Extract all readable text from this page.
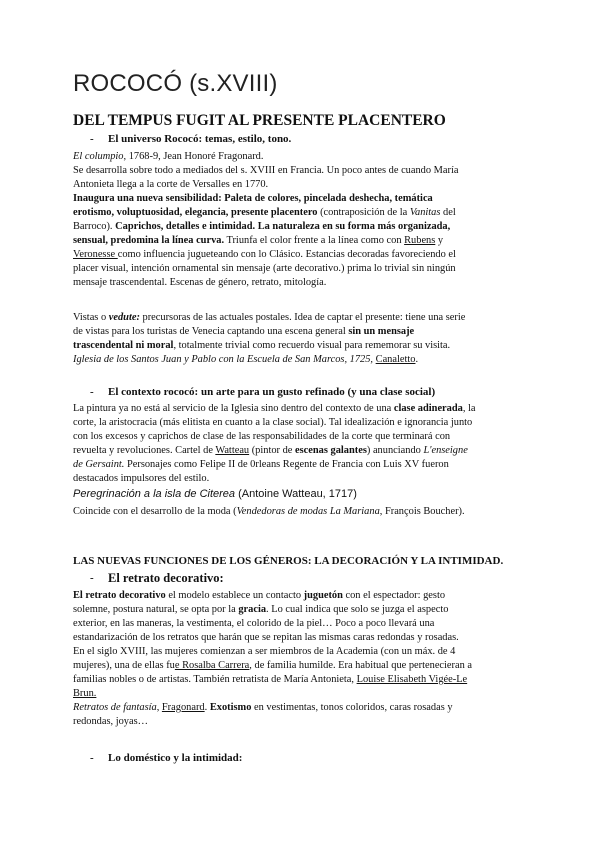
ROCOCÓ (s.XVIII)
DEL TEMPUS FUGIT AL PRESENTE PLACENTERO
- El universo Rococó: temas, estilo, tono.
El columpio, 1768-9, Jean Honoré Fragonard.
Se desarrolla sobre todo a mediados del s. XVIII en Francia. Un poco antes de cuando María
Antonieta llega a la corte de Versalles en 1770.
Inaugura una nueva sensibilidad: Paleta de colores, pincelada deshecha, temática
erotismo, voluptuosidad, elegancia, presente placentero (contraposición de la Vanitas del
Barroco). Caprichos, detalles e intimidad. La naturaleza en su forma más organizada,
sensual, predomina la línea curva. Triunfa el color frente a la línea como con Rubens y
Veronesse como influencia jugueteando con lo Clásico. Estancias decoradas favoreciendo el
placer visual, intención ornamental sin mensaje (arte decorativo.) prima lo trivial sin ningún
mensaje trascendental. Escenas de género, retrato, mitología.
Vistas o vedute: precursoras de las actuales postales. Idea de captar el presente: tiene una serie
de vistas para los turistas de Venecia captando una escena general sin un mensaje
trascendental ni moral, totalmente trivial como recuerdo visual para rememorar su visita.
Iglesia de los Santos Juan y Pablo con la Escuela de San Marcos, 1725, Canaletto.
- El contexto rococó: un arte para un gusto refinado (y una clase social)
La pintura ya no está al servicio de la Iglesia sino dentro del contexto de una clase adinerada, la
corte, la aristocracia (más elitista en cuanto a la clase social). Tal idealización e ignorancia junto
con los excesos y caprichos de clase de las responsabilidades de la corte que terminará con
revuelta y revoluciones. Cartel de Watteau (pintor de escenas galantes) anunciando L'enseigne
de Gersaint. Personajes como Felipe II de 0rleans Regente de Francia con Luis XV fueron
destacados impulsores del estilo.
Peregrinación a la isla de Citerea (Antoine Watteau, 1717)
Coincide con el desarrollo de la moda (Vendedoras de modas La Mariana, François Boucher).
LAS NUEVAS FUNCIONES DE LOS GÉNEROS: LA DECORACIÓN Y LA INTIMIDAD.
- El retrato decorativo:
El retrato decorativo el modelo establece un contacto juguetón con el espectador: gesto
solemne, postura natural, se opta por la gracia. Lo cual indica que solo se juzga el aspecto
exterior, en las maneras, la vestimenta, el colorido de la piel… Poco a poco llevará una
estandarización de los retratos que harán que se repitan las mismas caras redondas y rosadas.
En el siglo XVIII, las mujeres comienzan a ser miembros de la Academia (con un máx. de 4
mujeres), una de ellas fue Rosalba Carrera, de familia humilde. Era habitual que pertenecieran a
familias nobles o de artistas. También retratista de María Antonieta, Louise Elisabeth Vigée-Le
Brun.
Retratos de fantasía, Fragonard. Exotismo en vestimentas, tonos coloridos, caras rosadas y
redondas, joyas…
- Lo doméstico y la intimidad:
